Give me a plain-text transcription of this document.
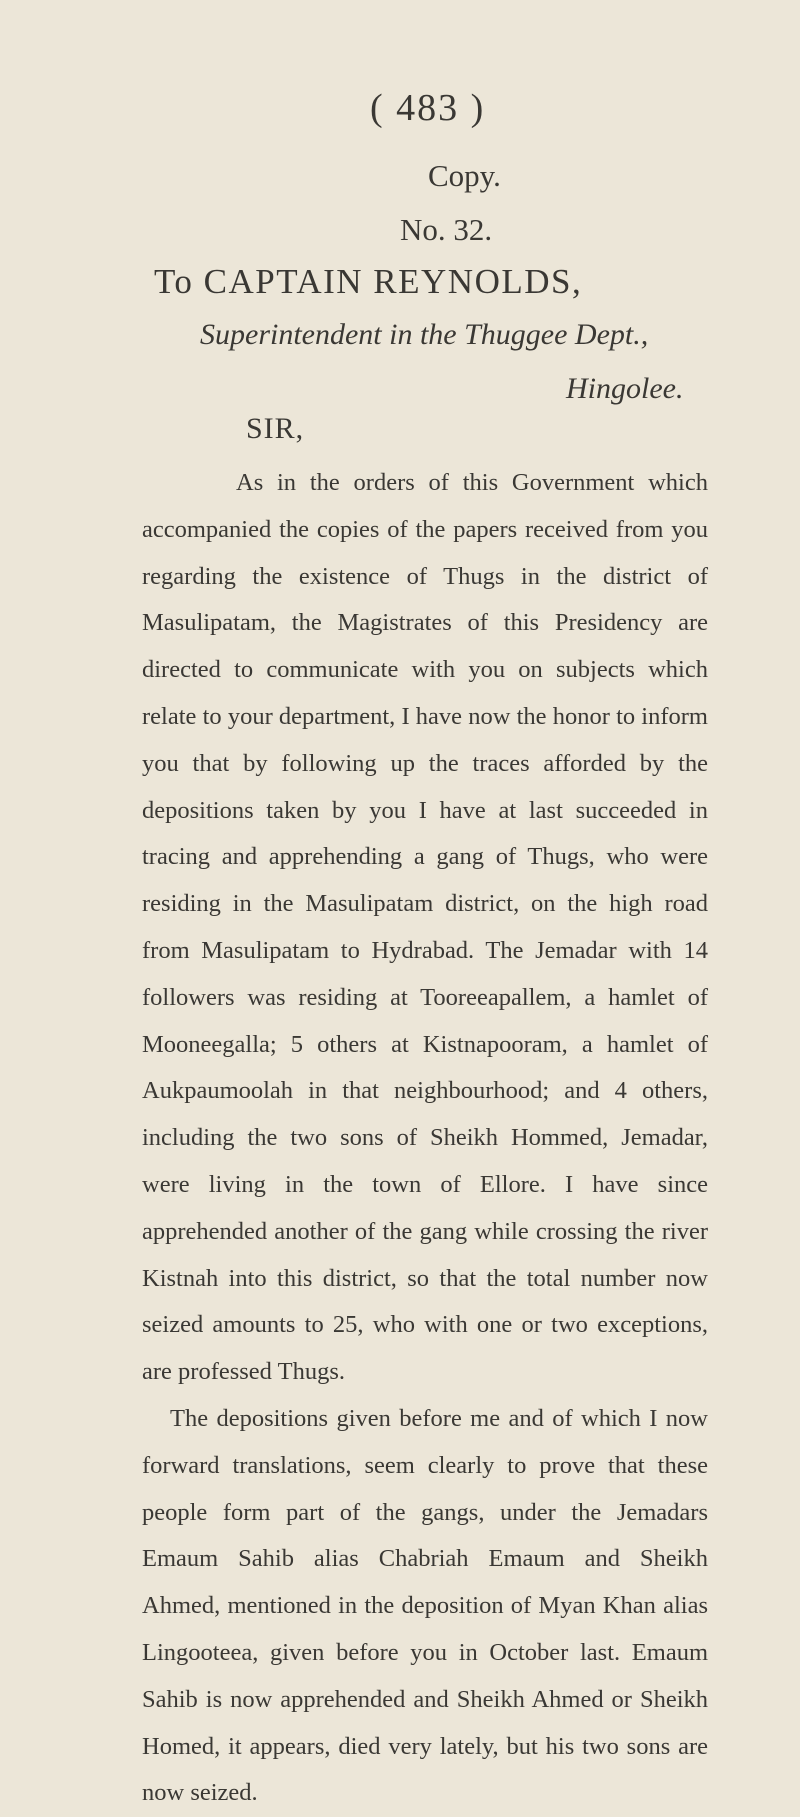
( 483 )
Copy.
No. 32.
To CAPTAIN REYNOLDS,
Superintendent in the Thuggee Dept.,
Hingolee.
SIR,

As in the orders of this Government which accompanied the copies of the papers received from you regarding the existence of Thugs in the district of Masulipatam, the Magistrates of this Presidency are directed to communicate with you on subjects which relate to your department, I have now the honor to inform you that by following up the traces afforded by the depositions taken by you I have at last succeeded in tracing and apprehending a gang of Thugs, who were residing in the Masulipatam district, on the high road from Masulipatam to Hydrabad. The Jemadar with 14 followers was residing at Tooreeapallem, a hamlet of Mooneegalla; 5 others at Kistnapooram, a hamlet of Aukpaumoolah in that neighbourhood; and 4 others, including the two sons of Sheikh Hommed, Jemadar, were living in the town of Ellore. I have since apprehended another of the gang while crossing the river Kistnah into this district, so that the total number now seized amounts to 25, who with one or two exceptions, are professed Thugs.

The depositions given before me and of which I now forward translations, seem clearly to prove that these people form part of the gangs, under the Jemadars Emaum Sahib alias Chabriah Emaum and Sheikh Ahmed, mentioned in the deposition of Myan Khan alias Lingooteea, given before you in October last. Emaum Sahib is now apprehended and Sheikh Ahmed or Sheikh Homed, it appears, died very lately, but his two sons are now seized.
